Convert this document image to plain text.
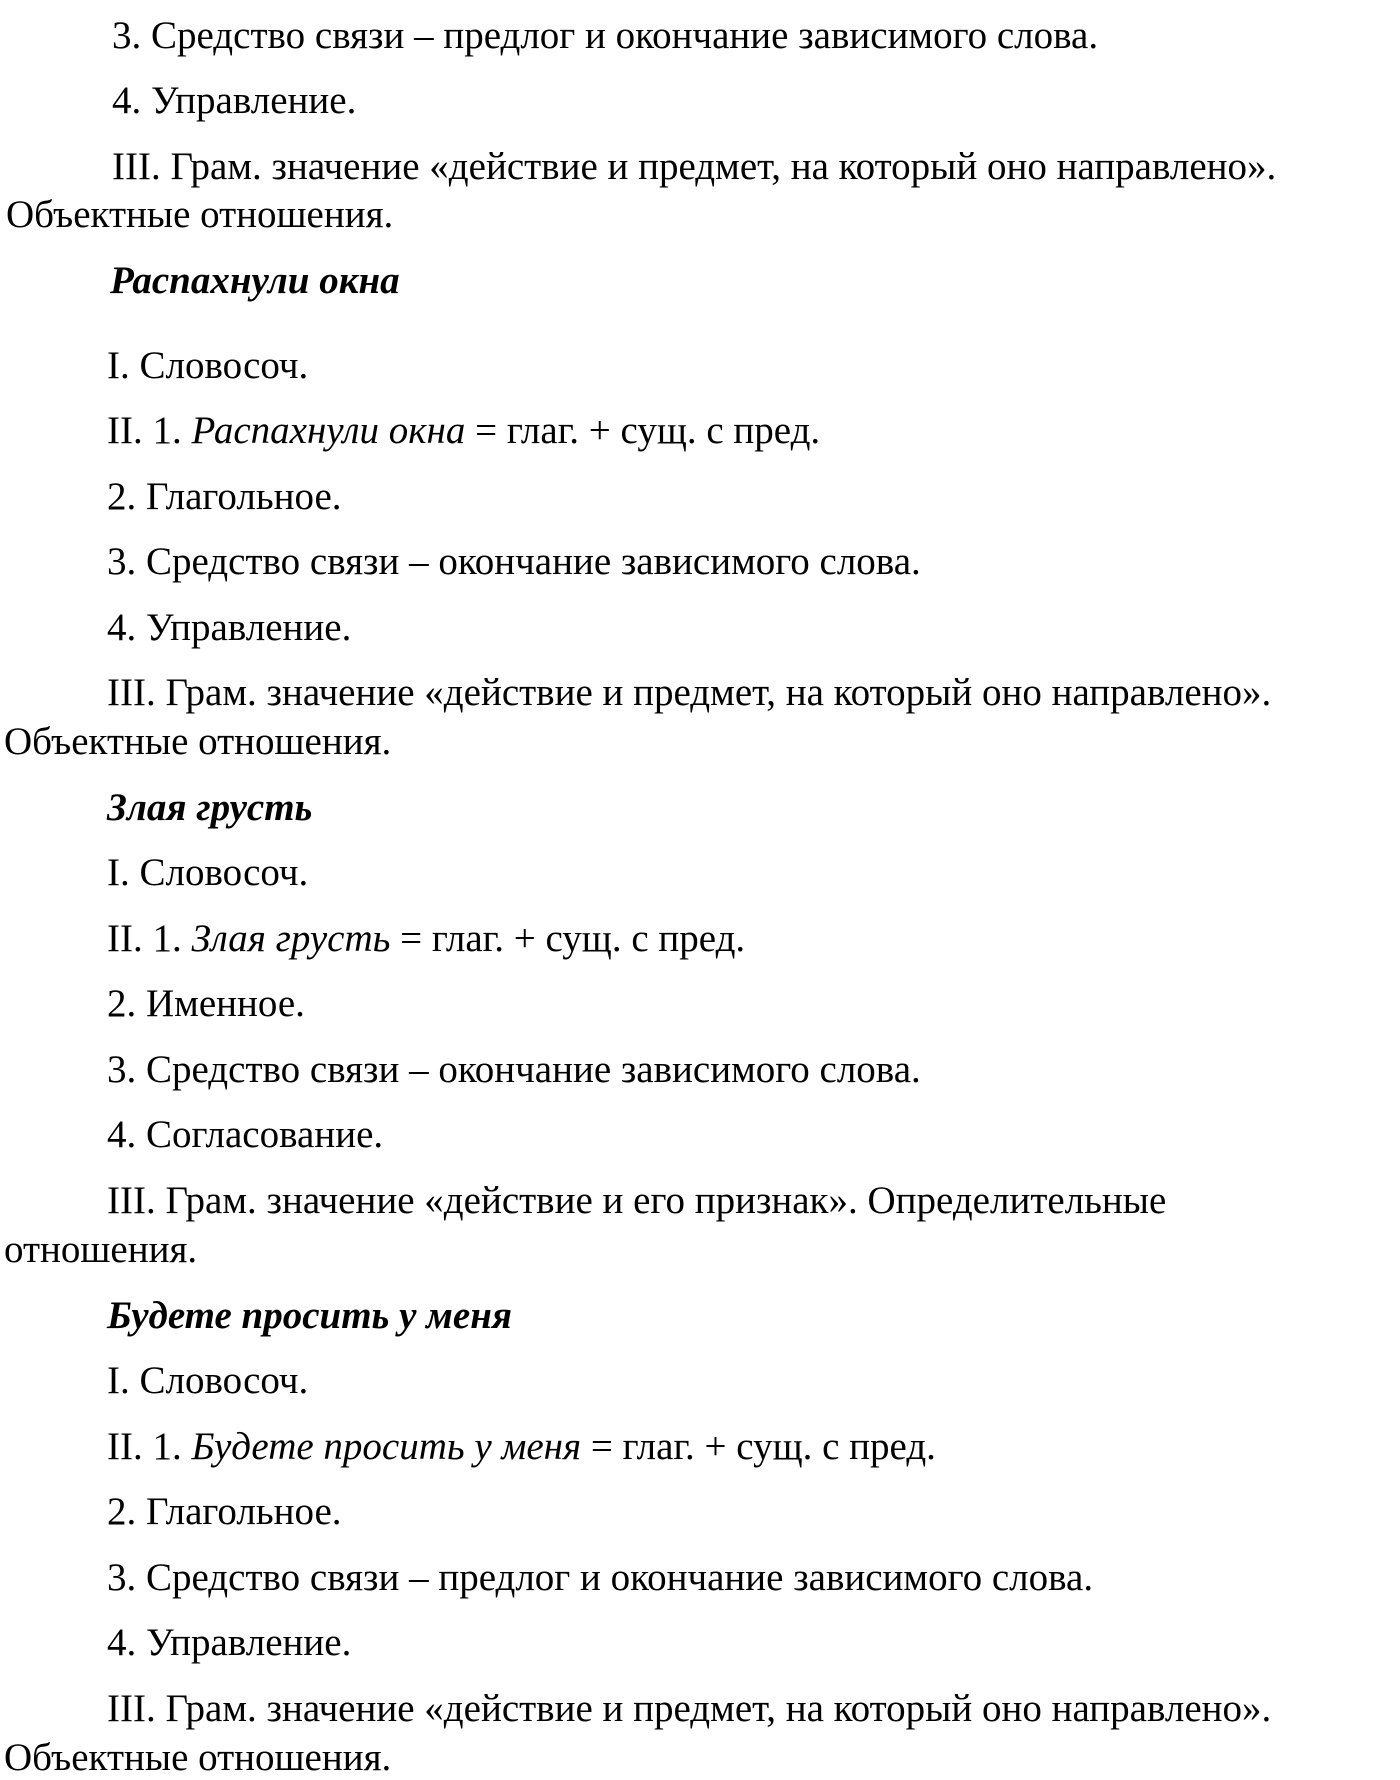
3. Средство связи – предлог и окончание зависимого слова.
4. Управление.
III. Грам. значение «действие и предмет, на который оно направлено».
Объектные отношения.
Распахнули окна
I. Словосоч.
II. 1. Распахнули окна = глаг. + сущ. с пред.
2. Глагольное.
3. Средство связи – окончание зависимого слова.
4. Управление.
III. Грам. значение «действие и предмет, на который оно направлено».
Объектные отношения.
Злая грусть
I. Словосоч.
II. 1. Злая грусть = глаг. + сущ. с пред.
2. Именное.
3. Средство связи – окончание зависимого слова.
4. Согласование.
III. Грам. значение «действие и его признак». Определительные
отношения.
Будете просить у меня
I. Словосоч.
II. 1. Будете просить у меня = глаг. + сущ. с пред.
2. Глагольное.
3. Средство связи – предлог и окончание зависимого слова.
4. Управление.
III. Грам. значение «действие и предмет, на который оно направлено».
Объектные отношения.
